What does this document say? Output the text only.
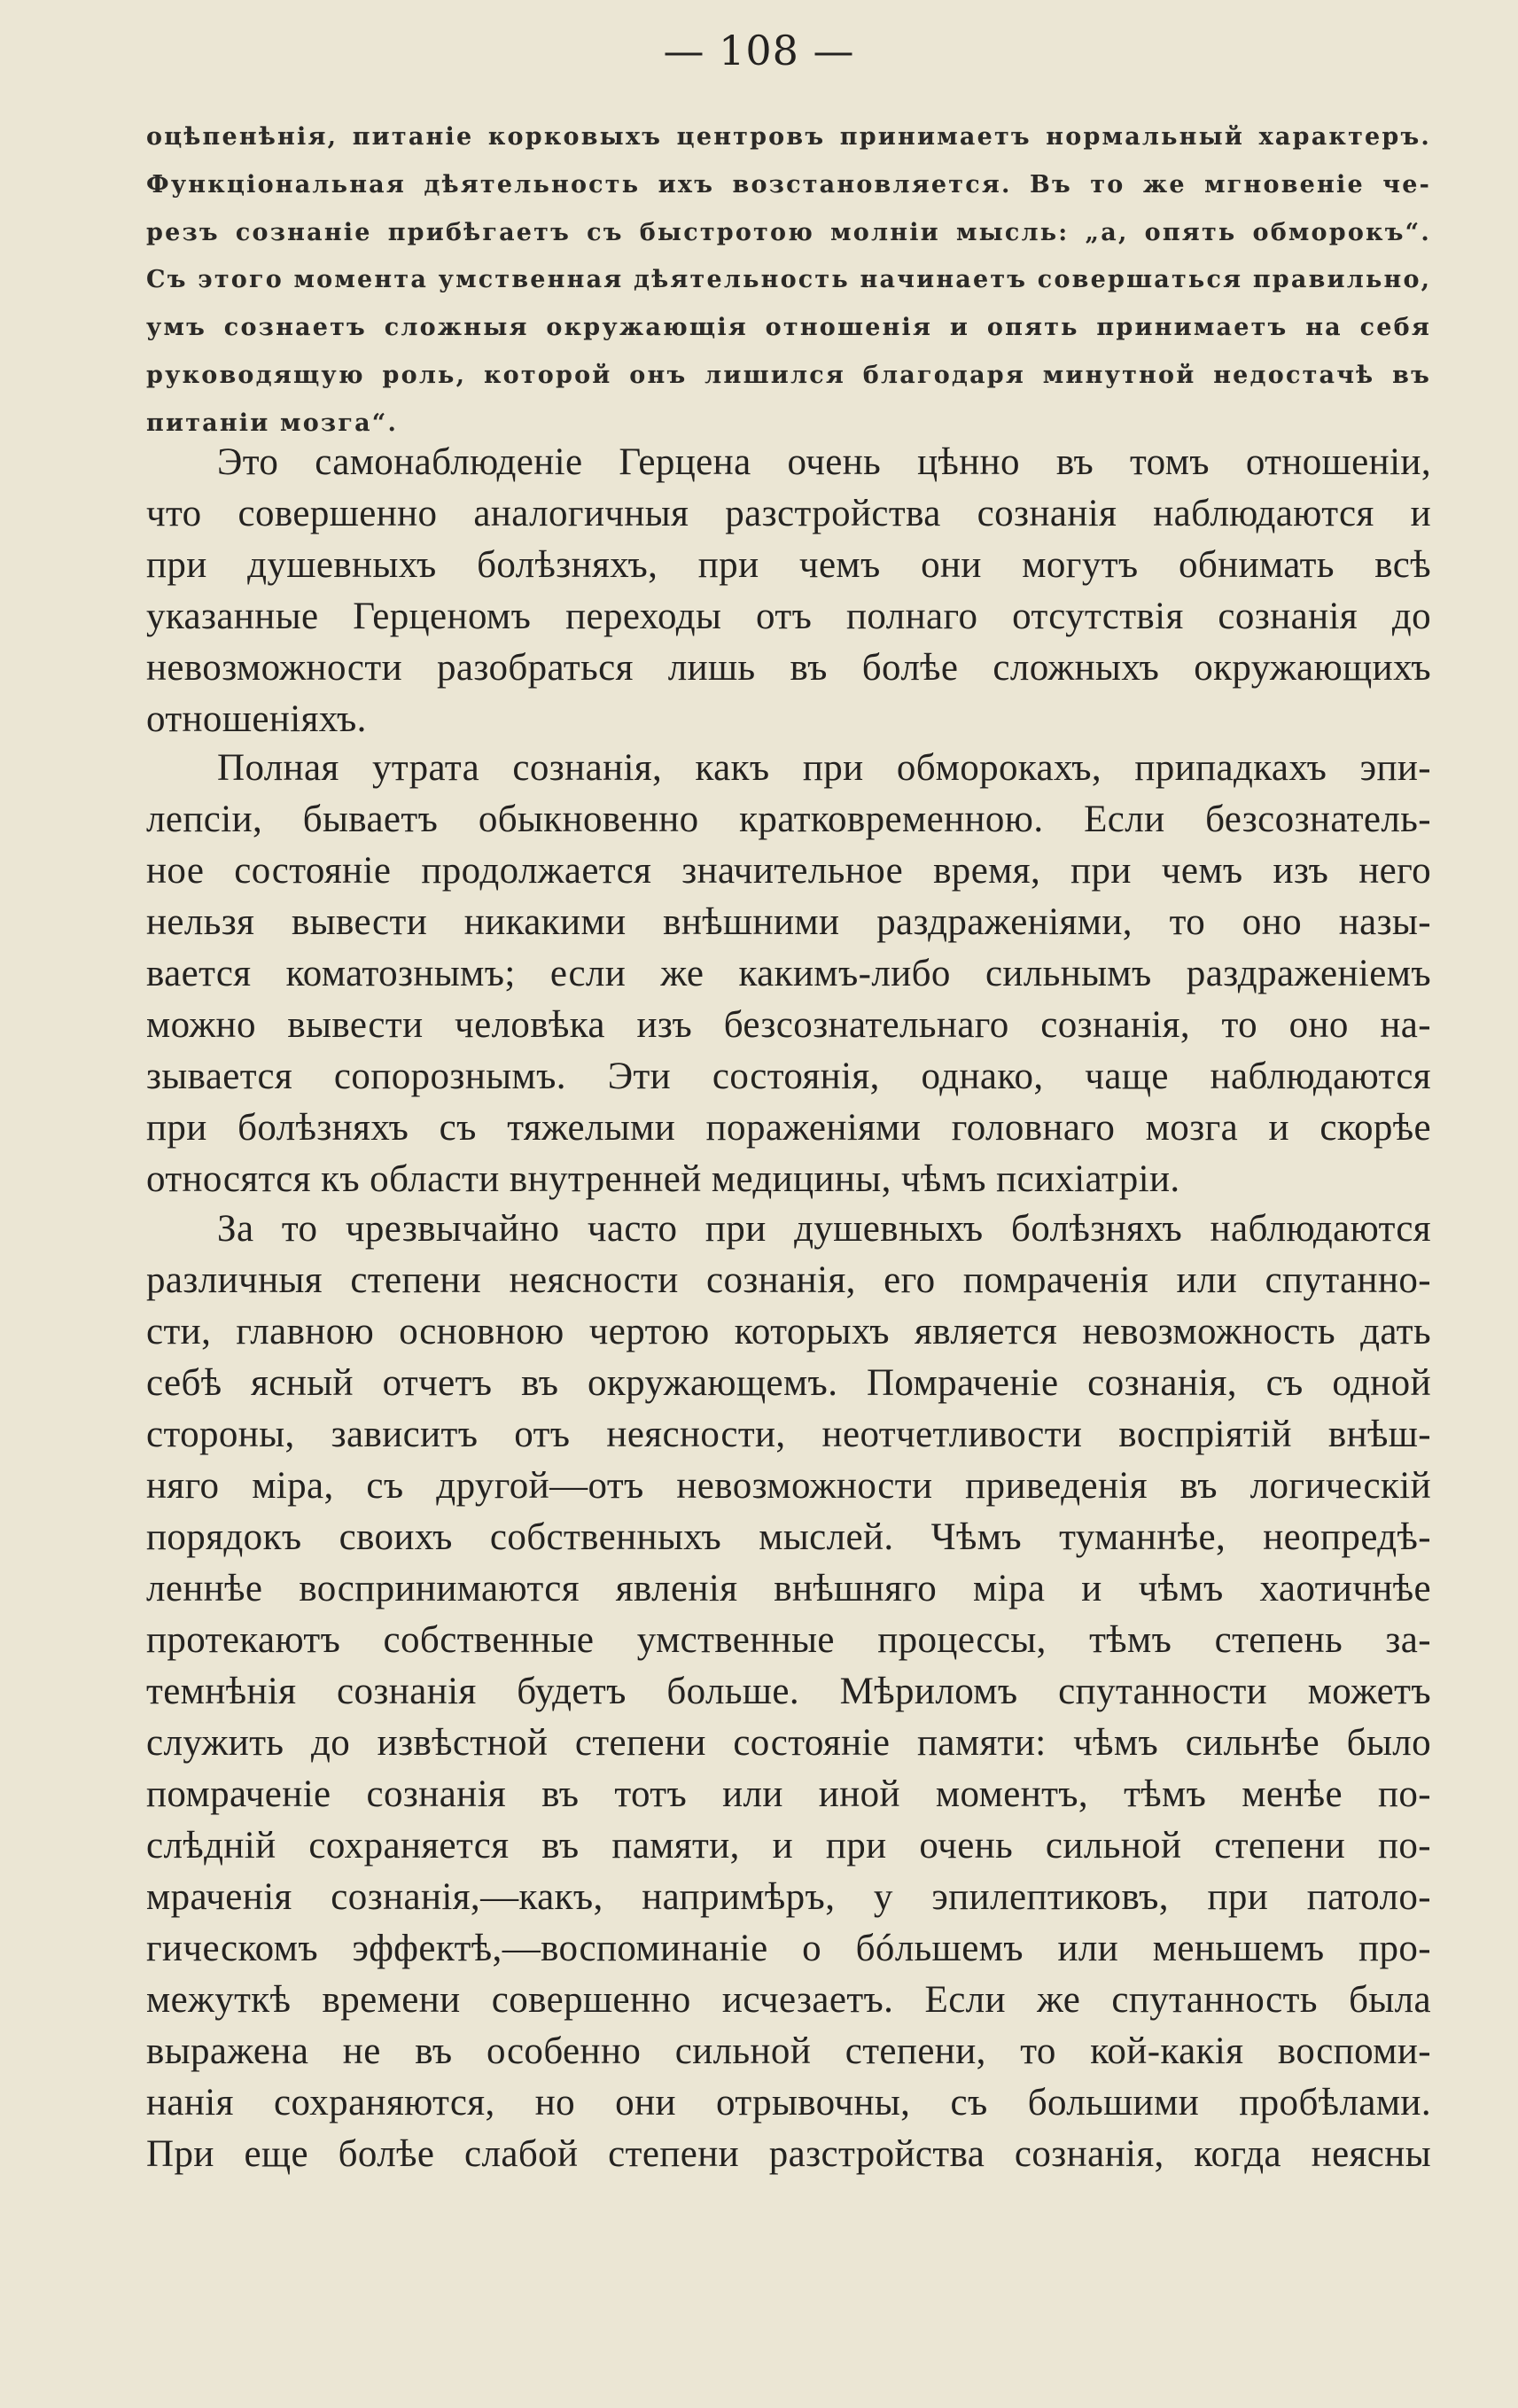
— 108 —
оцѣпенѣнія, питаніе корковыхъ центровъ принимаетъ нормальный характеръ.
Функціональная дѣятельность ихъ возстановляется. Въ то же мгновеніе че-
резъ сознаніе прибѣгаетъ съ быстротою молніи мысль: „а, опять обморокъ“.
Съ этого момента умственная дѣятельность начинаетъ совершаться правильно,
умъ сознаетъ сложныя окружающія отношенія и опять принимаетъ на себя
руководящую роль, которой онъ лишился благодаря минутной недостачѣ въ
питаніи мозга“.
Это самонаблюденіе Герцена очень цѣнно въ томъ отношеніи,
что совершенно аналогичныя разстройства сознанія наблюдаются и
при душевныхъ болѣзняхъ, при чемъ они могутъ обнимать всѣ
указанные Герценомъ переходы отъ полнаго отсутствія сознанія до
невозможности разобраться лишь въ болѣе сложныхъ окружающихъ
отношеніяхъ.
Полная утрата сознанія, какъ при обморокахъ, припадкахъ эпи-
лепсіи, бываетъ обыкновенно кратковременною. Если безсознатель-
ное состояніе продолжается значительное время, при чемъ изъ него
нельзя вывести никакими внѣшними раздраженіями, то оно назы-
вается коматознымъ; если же какимъ-либо сильнымъ раздраженіемъ
можно вывести человѣка изъ безсознательнаго сознанія, то оно на-
зывается сопорознымъ. Эти состоянія, однако, чаще наблюдаются
при болѣзняхъ съ тяжелыми пораженіями головнаго мозга и скорѣе
относятся къ области внутренней медицины, чѣмъ психіатріи.
За то чрезвычайно часто при душевныхъ болѣзняхъ наблюдаются
различныя степени неясности сознанія, его помраченія или спутанно-
сти, главною основною чертою которыхъ является невозможность дать
себѣ ясный отчетъ въ окружающемъ. Помраченіе сознанія, съ одной
стороны, зависитъ отъ неясности, неотчетливости воспріятій внѣш-
няго міра, съ другой—отъ невозможности приведенія въ логическій
порядокъ своихъ собственныхъ мыслей. Чѣмъ туманнѣе, неопредѣ-
леннѣе воспринимаются явленія внѣшняго міра и чѣмъ хаотичнѣе
протекаютъ собственные умственные процессы, тѣмъ степень за-
темнѣнія сознанія будетъ больше. Мѣриломъ спутанности можетъ
служить до извѣстной степени состояніе памяти: чѣмъ сильнѣе было
помраченіе сознанія въ тотъ или иной моментъ, тѣмъ менѣе по-
слѣдній сохраняется въ памяти, и при очень сильной степени по-
мраченія сознанія,—какъ, напримѣръ, у эпилептиковъ, при патоло-
гическомъ эффектѣ,—воспоминаніе о бóльшемъ или меньшемъ про-
межуткѣ времени совершенно исчезаетъ. Если же спутанность была
выражена не въ особенно сильной степени, то кой-какія воспоми-
нанія сохраняются, но они отрывочны, съ большими пробѣлами.
При еще болѣе слабой степени разстройства сознанія, когда неясны
